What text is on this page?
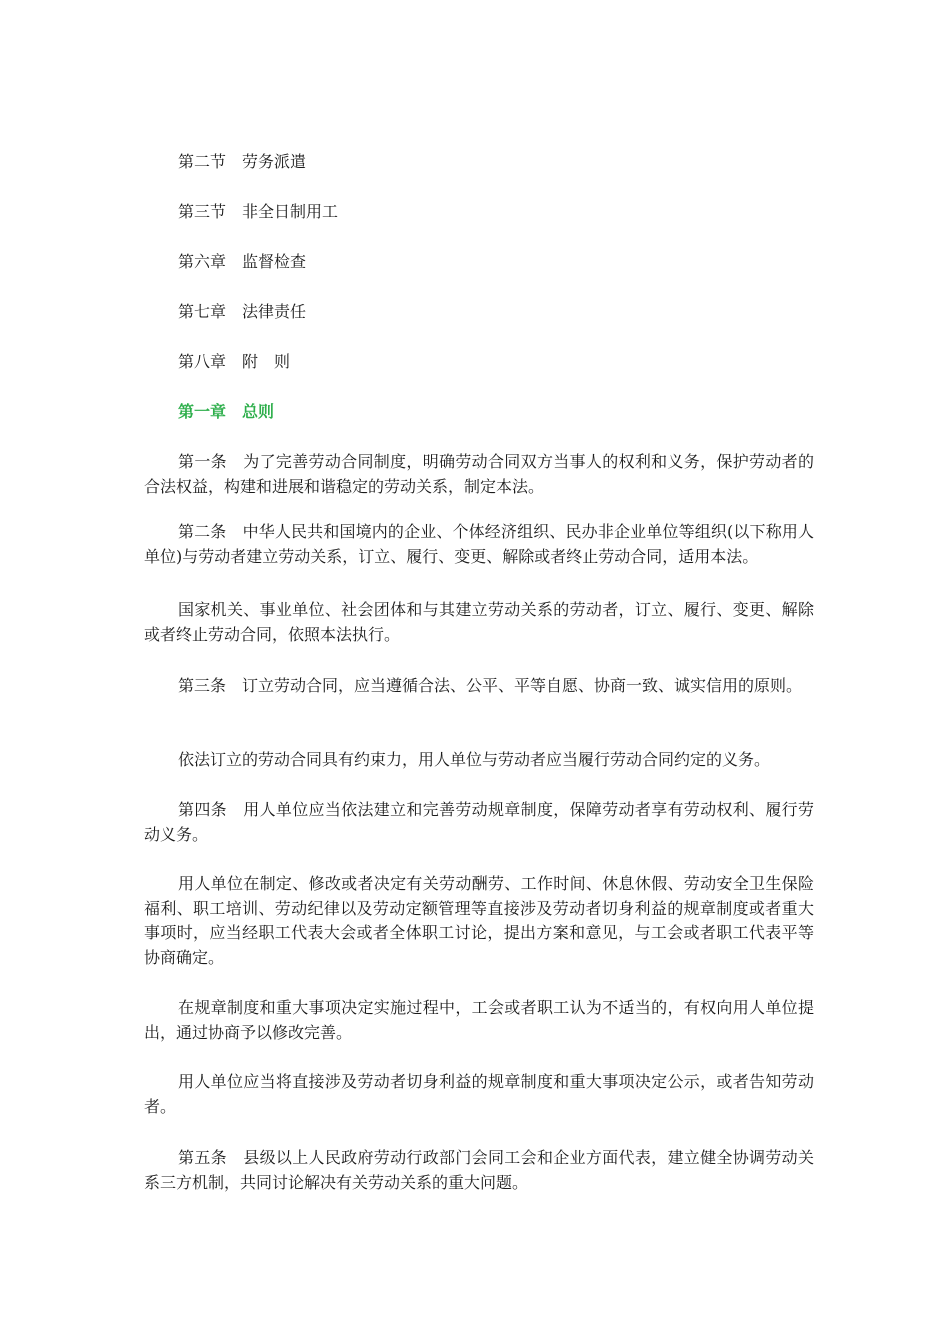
第二节　劳务派遣
第三节　非全日制用工
第六章　监督检查
第七章　法律责任
第八章　附　则
第一章　总则

第一条　为了完善劳动合同制度，明确劳动合同双方当事人的权利和义务，保护劳动者的合法权益，构建和进展和谐稳定的劳动关系，制定本法。

第二条　中华人民共和国境内的企业、个体经济组织、民办非企业单位等组织(以下称用人单位)与劳动者建立劳动关系，订立、履行、变更、解除或者终止劳动合同，适用本法。

国家机关、事业单位、社会团体和与其建立劳动关系的劳动者，订立、履行、变更、解除或者终止劳动合同，依照本法执行。

第三条　订立劳动合同，应当遵循合法、公平、平等自愿、协商一致、诚实信用的原则。

依法订立的劳动合同具有约束力，用人单位与劳动者应当履行劳动合同约定的义务。

第四条　用人单位应当依法建立和完善劳动规章制度，保障劳动者享有劳动权利、履行劳动义务。

用人单位在制定、修改或者决定有关劳动酬劳、工作时间、休息休假、劳动安全卫生保险福利、职工培训、劳动纪律以及劳动定额管理等直接涉及劳动者切身利益的规章制度或者重大事项时，应当经职工代表大会或者全体职工讨论，提出方案和意见，与工会或者职工代表平等协商确定。

在规章制度和重大事项决定实施过程中，工会或者职工认为不适当的，有权向用人单位提出，通过协商予以修改完善。

用人单位应当将直接涉及劳动者切身利益的规章制度和重大事项决定公示，或者告知劳动者。

第五条　县级以上人民政府劳动行政部门会同工会和企业方面代表，建立健全协调劳动关系三方机制，共同讨论解决有关劳动关系的重大问题。
